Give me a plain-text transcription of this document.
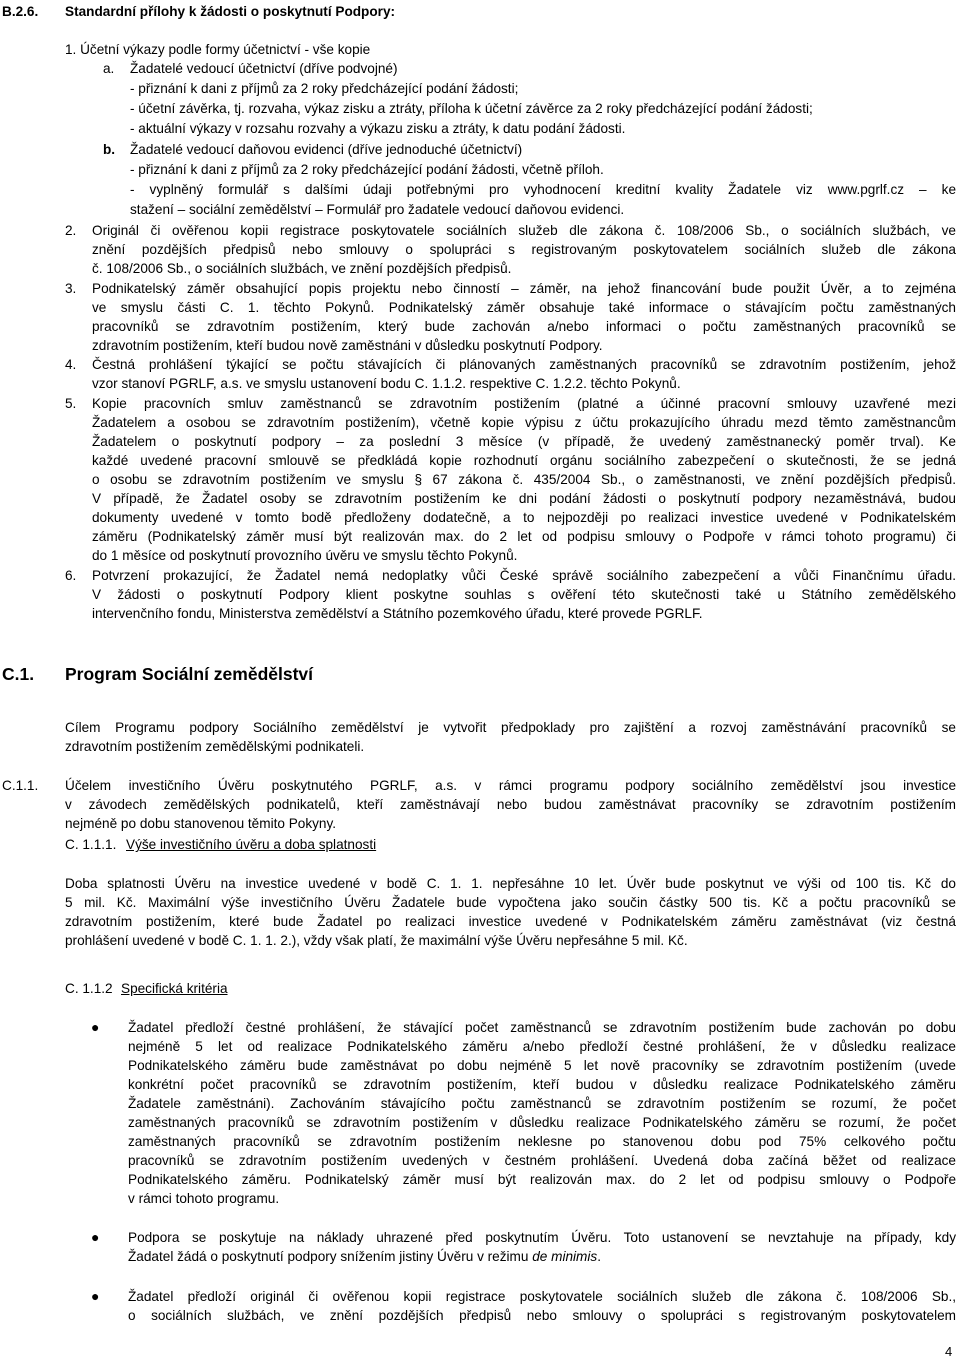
B.2.6. Standardní přílohy k žádosti o poskytnutí Podpory:
1. Účetní výkazy podle formy účetnictví - vše kopie
a. Žadatelé vedoucí účetnictví (dříve podvojné)
- přiznání k dani z příjmů za 2 roky předcházející podání žádosti;
- účetní závěrka, tj. rozvaha, výkaz zisku a ztráty, příloha k účetní závěrce za 2 roky předcházející podání žádosti;
- aktuální výkazy v rozsahu rozvahy a výkazu zisku a ztráty, k datu podání žádosti.
b. Žadatelé vedoucí daňovou evidenci (dříve jednoduché účetnictví)
- přiznání k dani z příjmů za 2 roky předcházející podání žádosti, včetně příloh.
- vyplněný formulář s dalšími údaji potřebnými pro vyhodnocení kreditní kvality Žadatele viz www.pgrlf.cz – ke
stažení – sociální zemědělství – Formulář pro žadatele vedoucí daňovou evidenci.
2. Originál či ověřenou kopii registrace poskytovatele sociálních služeb dle zákona č. 108/2006 Sb., o sociálních službách, ve
znění pozdějších předpisů nebo smlouvy o spolupráci s registrovaným poskytovatelem sociálních služeb dle zákona
č. 108/2006 Sb., o sociálních službách, ve znění pozdějších předpisů.
3. Podnikatelský záměr obsahující popis projektu nebo činností – záměr, na jehož financování bude použit Úvěr, a to zejména
ve smyslu části C. 1. těchto Pokynů. Podnikatelský záměr obsahuje také informace o stávajícím počtu zaměstnaných
pracovníků se zdravotním postižením, který bude zachován a/nebo informaci o počtu zaměstnaných pracovníků se
zdravotním postižením, kteří budou nově zaměstnáni v důsledku poskytnutí Podpory.
4. Čestná prohlášení týkající se počtu stávajících či plánovaných zaměstnaných pracovníků se zdravotním postižením, jehož
vzor stanoví PGRLF, a.s. ve smyslu ustanovení bodu C. 1.1.2. respektive C. 1.2.2. těchto Pokynů.
5. Kopie pracovních smluv zaměstnanců se zdravotním postižením (platné a účinné pracovní smlouvy uzavřené mezi
Žadatelem a osobou se zdravotním postižením), včetně kopie výpisu z účtu prokazujícího úhradu mezd těmto zaměstnancům
Žadatelem o poskytnutí podpory – za poslední 3 měsíce (v případě, že uvedený zaměstnanecký poměr trval). Ke
každé uvedené pracovní smlouvě se předkládá kopie rozhodnutí orgánu sociálního zabezpečení o skutečnosti, že se jedná
o osobu se zdravotním postižením ve smyslu § 67 zákona č. 435/2004 Sb., o zaměstnanosti, ve znění pozdějších předpisů.
V případě, že Žadatel osoby se zdravotním postižením ke dni podání žádosti o poskytnutí podpory nezaměstnává, budou
dokumenty uvedené v tomto bodě předloženy dodatečně, a to nejpozději po realizaci investice uvedené v Podnikatelském
záměru (Podnikatelský záměr musí být realizován max. do 2 let od podpisu smlouvy o Podpoře v rámci tohoto programu) či
do 1 měsíce od poskytnutí provozního úvěru ve smyslu těchto Pokynů.
6. Potvrzení prokazující, že Žadatel nemá nedoplatky vůči České správě sociálního zabezpečení a vůči Finančnímu úřadu.
V žádosti o poskytnutí Podpory klient poskytne souhlas s ověření této skutečnosti také u Státního zemědělského
intervenčního fondu, Ministerstva zemědělství a Státního pozemkového úřadu, které provede PGRLF.
C.1. Program Sociální zemědělství
Cílem Programu podpory Sociálního zemědělství je vytvořit předpoklady pro zajištění a rozvoj zaměstnávání pracovníků se
zdravotním postižením zemědělskými podnikateli.
C.1.1. Účelem investičního Úvěru poskytnutého PGRLF, a.s. v rámci programu podpory sociálního zemědělství jsou investice
v závodech zemědělských podnikatelů, kteří zaměstnávají nebo budou zaměstnávat pracovníky se zdravotním postižením
nejméně po dobu stanovenou těmito Pokyny.
C. 1.1.1. Výše investičního úvěru a doba splatnosti
Doba splatnosti Úvěru na investice uvedené v bodě C. 1. 1. nepřesáhne 10 let. Úvěr bude poskytnut ve výši od 100 tis. Kč do
5 mil. Kč. Maximální výše investičního Úvěru Žadatele bude vypočtena jako součin částky 500 tis. Kč a počtu pracovníků se
zdravotním postižením, které bude Žadatel po realizaci investice uvedené v Podnikatelském záměru zaměstnávat (viz čestná
prohlášení uvedené v bodě C. 1. 1. 2.), vždy však platí, že maximální výše Úvěru nepřesáhne 5 mil. Kč.
C. 1.1.2 Specifická kritéria
● Žadatel předloží čestné prohlášení, že stávající počet zaměstnanců se zdravotním postižením bude zachován po dobu
nejméně 5 let od realizace Podnikatelského záměru a/nebo předloží čestné prohlášení, že v důsledku realizace
Podnikatelského záměru bude zaměstnávat po dobu nejméně 5 let nově pracovníky se zdravotním postižením (uvede
konkrétní počet pracovníků se zdravotním postižením, kteří budou v důsledku realizace Podnikatelského záměru
Žadatele zaměstnáni). Zachováním stávajícího počtu zaměstnanců se zdravotním postižením se rozumí, že počet
zaměstnaných pracovníků se zdravotním postižením v důsledku realizace Podnikatelského záměru se rozumí, že počet
zaměstnaných pracovníků se zdravotním postižením neklesne po stanovenou dobu pod 75% celkového počtu
pracovníků se zdravotním postižením uvedených v čestném prohlášení. Uvedená doba začíná běžet od realizace
Podnikatelského záměru. Podnikatelský záměr musí být realizován max. do 2 let od podpisu smlouvy o Podpoře
v rámci tohoto programu.
● Podpora se poskytuje na náklady uhrazené před poskytnutím Úvěru. Toto ustanovení se nevztahuje na případy, kdy
Žadatel žádá o poskytnutí podpory snížením jistiny Úvěru v režimu de minimis.
● Žadatel předloží originál či ověřenou kopii registrace poskytovatele sociálních služeb dle zákona č. 108/2006 Sb.,
o sociálních službách, ve znění pozdějších předpisů nebo smlouvy o spolupráci s registrovaným poskytovatelem
4
